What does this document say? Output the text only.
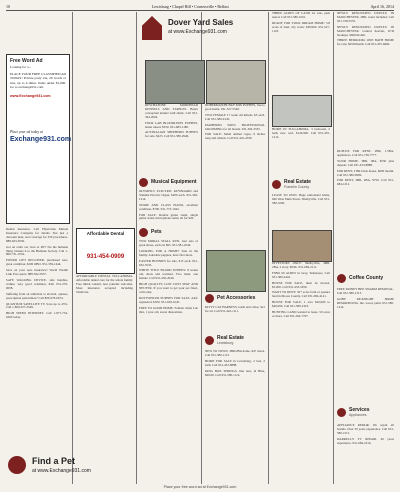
10	Lewisburg • Chapel Hill • Cornersville • Belfast	April 16, 2014
Free Word Ad
Looking for a...
PLACE YOUR FREE CLASSIFIED AD TODAY! Private party ads, 20 words or less, up to 4 times. Items under $1,000. Go to exchange931.com.
www.Exchange931.com
Place your ad today at
Exchange931.com

Dental insurance. Call Physicians Mutual Insurance Company for details. Not just a discount plan, real coverage for 350 procedures. 888-623-3036.

Got an older car, boat or RV? Do the humane thing. Donate it to the Humane Society. Call 1-800-731-1054.

POWER LIFT RECLINER, purchased new, great condition, $200 OBO. 931-359-1444.

Save on your auto insurance! World Wealth Link Free quote. 888-592-5957.

SAFE WALKING DEVICE, side handles, walker, very good condition, $40. 931-270-9058.

Suffering from an addiction to alcohol, opiates, prescription pain killers? Call 800-978-6674.

QUANTUM SATELLITE TV. Save up to 45%. Call 1-800-257-2549.

HIGH SPEED INTERNET. Call 1-877-734-6200 today.

Affordable Dental
931-454-0909

AFFORDABLE DENTAL TULLAHOMA. Affordable dental care for the whole family. Free initial consult, new patients welcome. Most insurance accepted including TennCare.

Find a Pet
at www.Exchange931.com
Musical Equipment

OLYMPICS ELECTRIC KEYBOARD and Yamaha Electric Organ, $200 each. 931-349-1214.

STORE AND CLASS PIANO, excellent condition, $700. 931-773-1042.

FOR SALE: Double guitar stand, single guitar stand, microphone stand, all for $20.

Pets

TWO MORAL STALL RUN, four sets of great shoes, each set $95. 931-581-4544.

LOOKING FOR A HOME? Sale in the family. Adorable puppies, have first shots.

EASTER BUNNIES for sale, $15 each. 931-632-5533.

WHITE TITLE BLOOD PUPPIES: 8 weeks old, shots and wormed. Two male, one female. Call 931-236-4540.

HIGH QUALITY, LOW COST SPAY AND NEUTER. If you want to get your pet fixed, call today.

ROTTWEILER PUPPIES FOR SALE. AKC registered, $500. 931-639-0145.

FREE TO GOOD HOME: Female white Lab mix, 1 year old, sweet disposition.

Dover Yard Sales
at www.Exchange931.com

RESCHAPONE MOREHEAD KENNELS AND STABLES. Better conceptual kennel with shade. Call 931-364-2004.

FOUR LAB BLOODLINES PUPPIES, home raised. $350. 931-683-1180.

AUSTRALIAN SHEPHERD PUPPIES for sale. $225. Call 931-580-2940.

DOBERMAN/HUSKY MIX PUPPIES, free to good home. 931-527-5540.

TWO FEMALE 17 week old kittens. $5 each. Call 931-580-0145.

PAMPERED PAWS PROFESSIONAL GROOMING for all breeds. 931-364-3535.

FOR SALE: Small animal cages, 9 inches long and wheels. Call 931-422-4330.

Pet Accessories

KITTY CAT HARNESS, leash and collar, $12 for all. Call 931-422-1111.

Real Estate
Lewisburg

NEW TO TOWN, 3BR/2BA home, $47 down. Call 931-580-1112.

HOME FOR SALE in Lewisburg, 2 bed, 2 bath. Call 931-433-8888.

KING BOX SPRINGS, like new, in Blue, $60.00. Call 931-580-1114.

Real Estate
Franklin County

HOME IN TULLAHOMA, 3 bedroom, 2 bath, new roof, $129,900. Call 931-455-1212.

LEASE TO OWN. Huge remodeled home, 960 West Main Street, Shelbyville. Call 931-580-1000.

INVESTORS ONLY: Shelbyville, 4BR, 2BA, 2 story. $65K. 931-684-2111.

FSBO 60 ACRES in Gray, Tennessee. Call 931-380-4442.

HOUSE FOR SALE, must be moved, $5,000. Call 931-433-5050.

WANT TO RENT: 50+ acres farm or pasture land in Moore County. Call 931-684-4141.

HOUSE FOR SALE, 1 acre $20,000 to $40,000. Call 931-580-2323.

HUNTING LAND wanted to lease. 50 acres or more. Call 931-294-7707.

THREE ACRES OF LAND for sale, perk tested. Call 931-580-1001.

READY FOR YOUR DREAM HOME: 5.8 acres of land, city water. $38,900. 931-527-1118.

NEWLY RENOVATED DUPLEX IN MANCHESTER. 2BR, water included. Call 931-728-5555.

NEWLY RENOVATED DUPLEX IN MANCHESTER. Central heat/air, W/D hookups. $600/month.

THREE BEDROOM, ONE BATH HOME for rent, $650/month. Call 931-455-6666.

DUPLEX FOR RENT, 2BR, 1.5BA, appliances. Call 931-728-7777.

YOUR HOME. 3BR, 1BA, $550 plus deposit. Call 931-433-8888.

FOR RENT, 2 BR brick house, $600 month. Call 931-580-9999.

FOR RENT, 3BR, 2BA, $750. Call 931-684-1212.

Coffee County

FREE MONEY BEE SWARM REMOVAL. Call 931-580-1313.

GOBY MCKNIGHT HOME REMODELING, tile, wood, paint. 931-580-1414.

Services
Appliances

APPLIANCE REPAIR. We repair all brands. Over 30 years experience. Call 931-580-1515.

DARRELL'S TV REPAIR. 40 years experience. 931-684-1616.

Place your free word ad at Exchange931.com
